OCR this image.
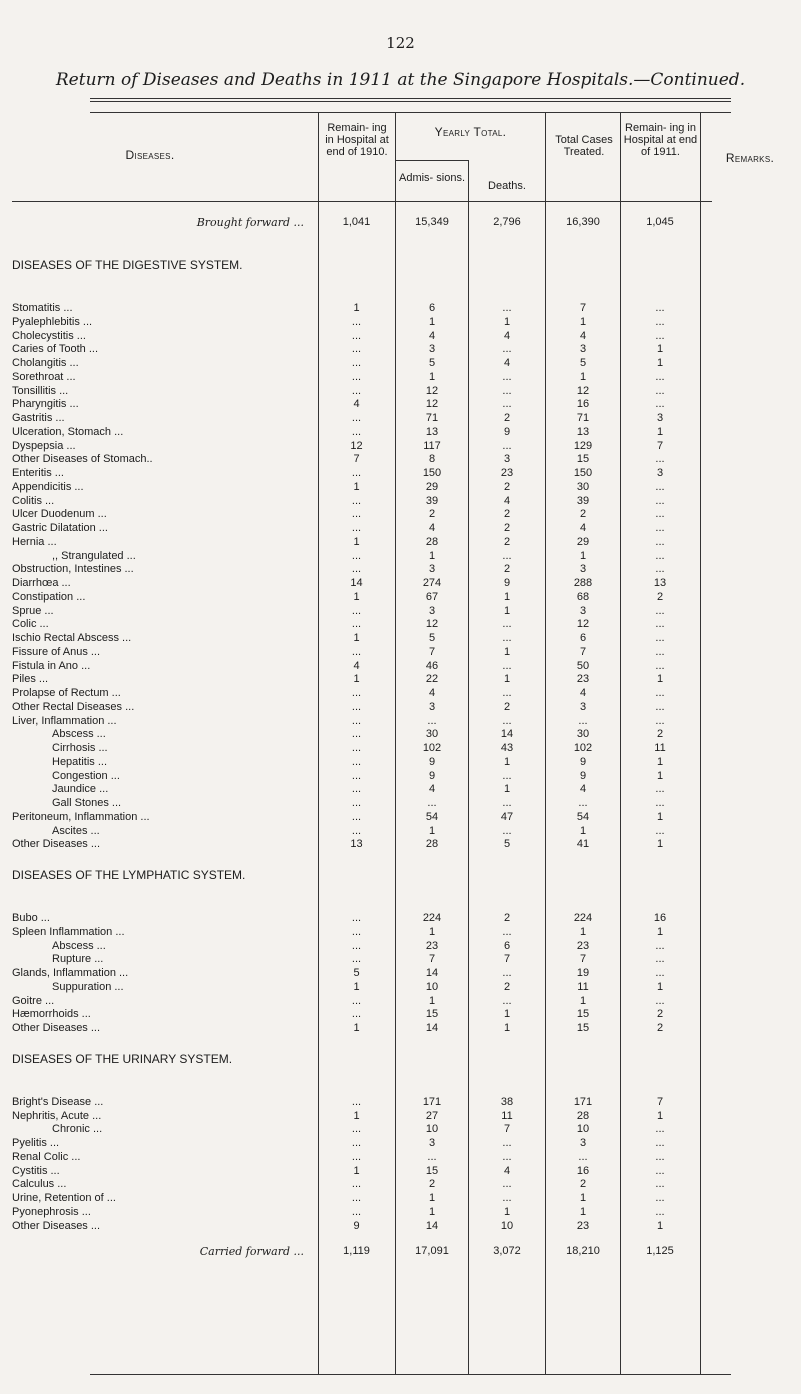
122
Return of Diseases and Deaths in 1911 at the Singapore Hospitals.—Continued.
Diseases.
Remain- ing in Hospital at end of 1910.
Yearly Total.
Admis- sions.
Deaths.
Total Cases Treated.
Remain- ing in Hospital at end of 1911.	Remarks.
Brought forward ...	1,041	15,349	2,796	16,390	1,045
DISEASES OF THE DIGESTIVE SYSTEM.
Stomatitis ...	1	6	...	7	...
Pyalephlebitis ...	...	1	1	1	...
Cholecystitis ...	...	4	4	4	...
Caries of Tooth ...	...	3	...	3	1
Cholangitis ...	...	5	4	5	1
Sorethroat ...	...	1	...	1	...
Tonsillitis ...	...	12	...	12	...
Pharyngitis ...	4	12	...	16	...
Gastritis ...	...	71	2	71	3
Ulceration, Stomach ...	...	13	9	13	1
Dyspepsia ...	12	117	...	129	7
Other Diseases of Stomach..	7	8	3	15	...
Enteritis ...	...	150	23	150	3
Appendicitis ...	1	29	2	30	...
Colitis ...	...	39	4	39	...
Ulcer Duodenum ...	...	2	2	2	...
Gastric Dilatation ...	...	4	2	4	...
Hernia ...	1	28	2	29	...
,, Strangulated ...	...	1	...	1	...
Obstruction, Intestines ...	...	3	2	3	...
Diarrhœa ...	14	274	9	288	13
Constipation ...	1	67	1	68	2
Sprue ...	...	3	1	3	...
Colic ...	...	12	...	12	...
Ischio Rectal Abscess ...	1	5	...	6	...
Fissure of Anus ...	...	7	1	7	...
Fistula in Ano ...	4	46	...	50	...
Piles ...	1	22	1	23	1
Prolapse of Rectum ...	...	4	...	4	...
Other Rectal Diseases ...	...	3	2	3	...
Liver, Inflammation ...	...	...	...	...	...
Abscess ...	...	30	14	30	2
Cirrhosis ...	...	102	43	102	11
Hepatitis ...	...	9	1	9	1
Congestion ...	...	9	...	9	1
Jaundice ...	...	4	1	4	...
Gall Stones ...	...	...	...	...	...
Peritoneum, Inflammation ...	...	54	47	54	1
Ascites ...	...	1	...	1	...
Other Diseases ...	13	28	5	41	1
DISEASES OF THE LYMPHATIC SYSTEM.
Bubo ...	...	224	2	224	16
Spleen Inflammation ...	...	1	...	1	1
Abscess ...	...	23	6	23	...
Rupture ...	...	7	7	7	...
Glands, Inflammation ...	5	14	...	19	...
Suppuration ...	1	10	2	11	1
Goitre ...	...	1	...	1	...
Hæmorrhoids ...	...	15	1	15	2
Other Diseases ...	1	14	1	15	2
DISEASES OF THE URINARY SYSTEM.
Bright's Disease ...	...	171	38	171	7
Nephritis, Acute ...	1	27	11	28	1
Chronic ...	...	10	7	10	...
Pyelitis ...	...	3	...	3	...
Renal Colic ...	...	...	...	...	...
Cystitis ...	1	15	4	16	...
Calculus ...	...	2	...	2	...
Urine, Retention of ...	...	1	...	1	...
Pyonephrosis ...	...	1	1	1	...
Other Diseases ...	9	14	10	23	1
Carried forward ...	1,119	17,091	3,072	18,210	1,125
